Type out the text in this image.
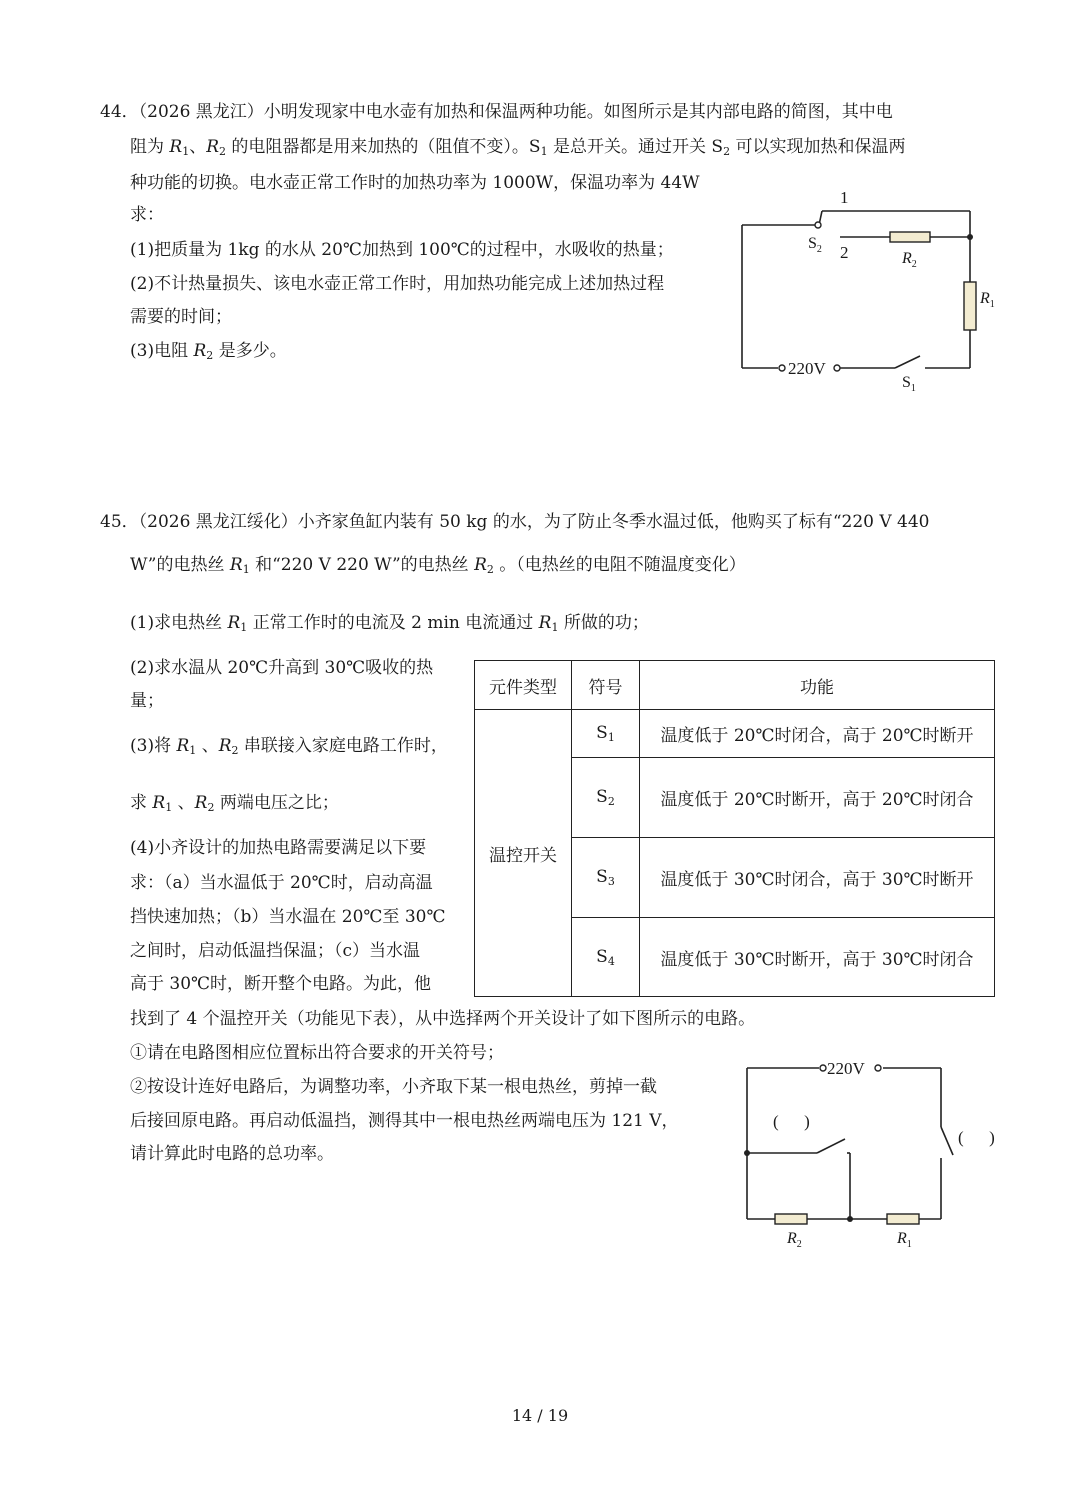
44．（2026 黑龙江）小明发现家中电水壶有加热和保温两种功能。如图所示是其内部电路的简图，其中电
阻为 $R_1$、$R_2$ 的电阻器都是用来加热的（阻值不变）。$S_1$ 是总开关。通过开关 $S_2$ 可以实现加热和保温两
种功能的切换。电水壶正常工作时的加热功率为 1000W，保温功率为 44W
求：
(1)把质量为 1kg 的水从 20℃加热到 100℃的过程中，水吸收的热量；
(2)不计热量损失、该电水壶正常工作时，用加热功能完成上述加热过程
需要的时间；
(3)电阻 $R_2$ 是多少。
1
2
$S_2$
$R_2$
$R_1$
220V
$S_1$
45．（2026 黑龙江绥化）小齐家鱼缸内装有 50 kg 的水，为了防止冬季水温过低，他购买了标有“220 V 440
W”的电热丝 $R_1$ 和“220 V 220 W”的电热丝 $R_2$ 。（电热丝的电阻不随温度变化）
(1)求电热丝 $R_1$ 正常工作时的电流及 2 min 电流通过 $R_1$ 所做的功；
(2)求水温从 20℃升高到 30℃吸收的热
量；
(3)将 $R_1$ 、$R_2$ 串联接入家庭电路工作时，
求 $R_1$ 、$R_2$ 两端电压之比；
(4)小齐设计的加热电路需要满足以下要
求：（a）当水温低于 20℃时，启动高温
挡快速加热；（b）当水温在 20℃至 30℃
之间时，启动低温挡保温；（c）当水温
高于 30℃时，断开整个电路。为此，他
找到了 4 个温控开关（功能见下表），从中选择两个开关设计了如下图所示的电路。
①请在电路图相应位置标出符合要求的开关符号；
②按设计连好电路后，为调整功率，小齐取下某一根电热丝，剪掉一截
后接回原电路。再启动低温挡，测得其中一根电热丝两端电压为 121 V，
请计算此时电路的总功率。
元件类型	符号	功能
温控开关	$S_1$	温度低于 20℃时闭合，高于 20℃时断开
	$S_2$	温度低于 20℃时断开，高于 20℃时闭合
	$S_3$	温度低于 30℃时闭合，高于 30℃时断开
	$S_4$	温度低于 30℃时断开，高于 30℃时闭合
220V
(      )
(      )
$R_2$	$R_1$
14 / 19
